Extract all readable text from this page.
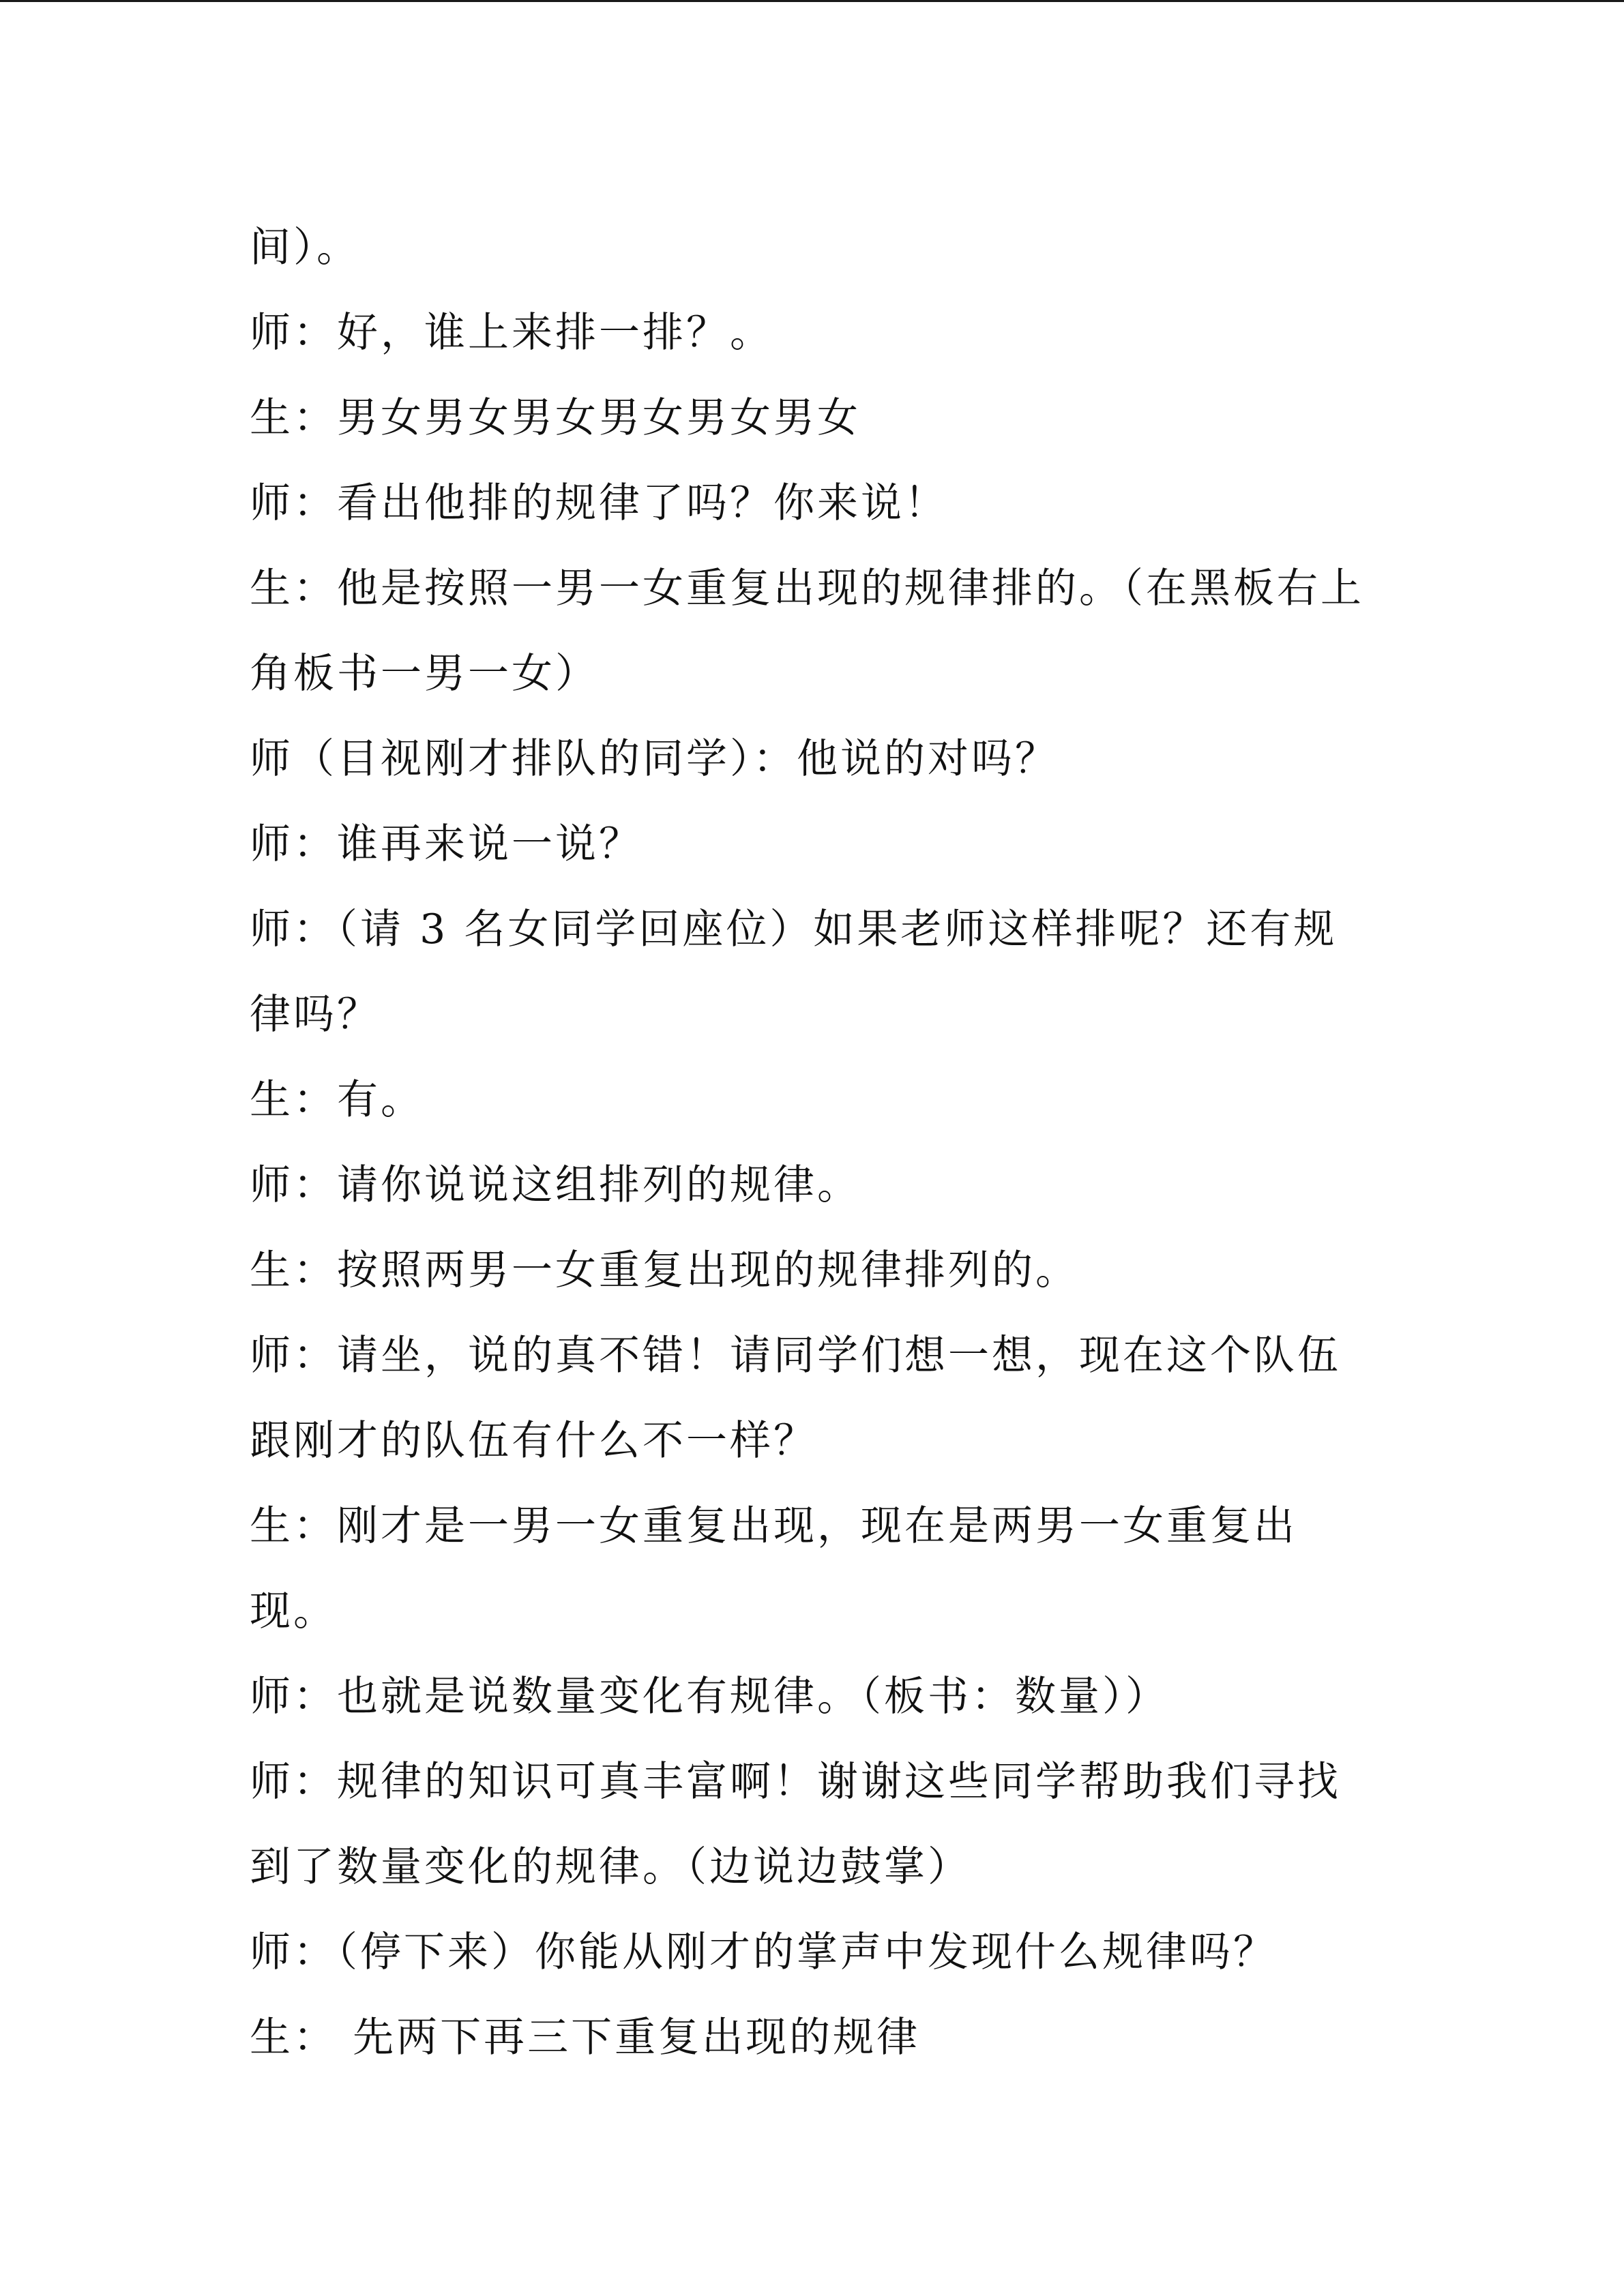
间）。
师：好，谁上来排一排？。
生：男女男女男女男女男女男女
师：看出他排的规律了吗？你来说！
生：他是按照一男一女重复出现的规律排的。（在黑板右上
角板书一男一女）
师（目视刚才排队的同学）：他说的对吗？
师：谁再来说一说？
师：（请 3 名女同学回座位）如果老师这样排呢？还有规
律吗？
生：有。
师：请你说说这组排列的规律。
生：按照两男一女重复出现的规律排列的。
师：请坐，说的真不错！请同学们想一想，现在这个队伍
跟刚才的队伍有什么不一样？
生：刚才是一男一女重复出现，现在是两男一女重复出
现。
师：也就是说数量变化有规律。（板书：数量））
师：规律的知识可真丰富啊！谢谢这些同学帮助我们寻找
到了数量变化的规律。（边说边鼓掌）
师：（停下来）你能从刚才的掌声中发现什么规律吗？
生： 先两下再三下重复出现的规律
